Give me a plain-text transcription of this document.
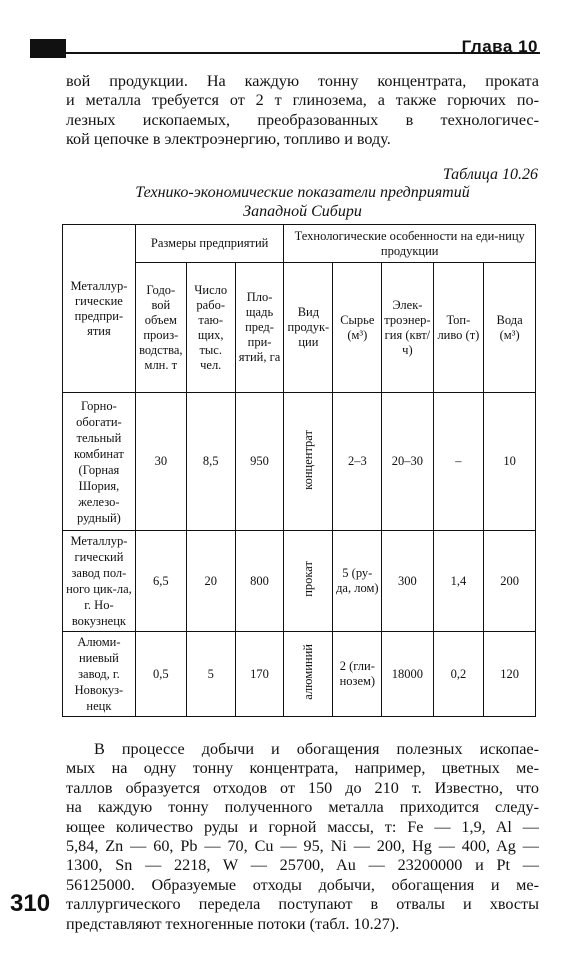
Глава 10
вой продукции. На каждую тонну концентрата, проката
и металла требуется от 2 т глинозема, а также горючих по-
лезных ископаемых, преобразованных в технологичес-
кой цепочке в электроэнергию, топливо и воду.
Таблица 10.26
Технико-экономические показатели предприятий
Западной Сибири
Металлур-гические предпри-ятия	Размеры предприятий			Технологические особенности на еди-ницу продукции				
	Годо-вой объем произ-водства, млн. т	Число рабо-таю-щих, тыс. чел.	Пло-щадь пред-при-ятий, га	Вид продук-ции	Сырье (м³)	Элек-троэнер-гия (квт/ч)	Топ-ливо (т)	Вода (м³)
Горно-обогати-тельный комбинат (Горная Шория, железо-рудный)	30	8,5	950	концентрат	2–3	20–30	–	10
Металлур-гический завод пол-ного цик-ла, г. Но-вокузнецк	6,5	20	800	прокат	5 (ру-да, лом)	300	1,4	200
Алюми-ниевый завод, г. Новокуз-нецк	0,5	5	170	алюминий	2 (гли-нозем)	18000	0,2	120
В процессе добычи и обогащения полезных ископае-
мых на одну тонну концентрата, например, цветных ме-
таллов образуется отходов от 150 до 210 т. Известно, что
на каждую тонну полученного металла приходится следу-
ющее количество руды и горной массы, т: Fe — 1,9, Al —
5,84, Zn — 60, Pb — 70, Cu — 95, Ni — 200, Hg — 400, Ag —
1300, Sn — 2218, W — 25700, Au — 23200000 и Pt —
56125000. Образуемые отходы добычи, обогащения и ме-
таллургического передела поступают в отвалы и хвосты
представляют техногенные потоки (табл. 10.27).
310
